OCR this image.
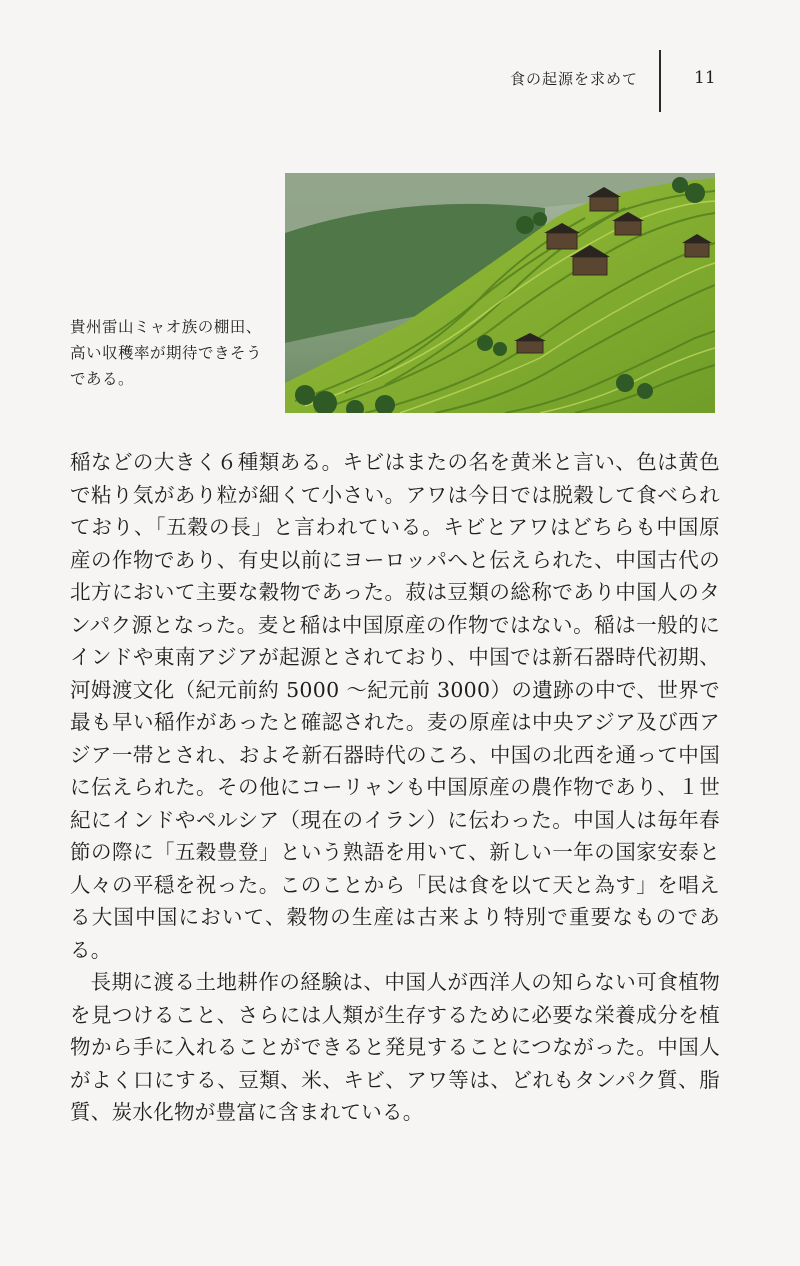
食の起源を求めて	11
貴州雷山ミャオ族の棚田、高い収穫率が期待できそうである。

稲などの大きく６種類ある。キビはまたの名を黄米と言い、色は黄色で粘り気があり粒が細くて小さい。アワは今日では脱穀して食べられており、「五穀の長」と言われている。キビとアワはどちらも中国原産の作物であり、有史以前にヨーロッパへと伝えられた、中国古代の北方において主要な穀物であった。菽は豆類の総称であり中国人のタンパク源となった。麦と稲は中国原産の作物ではない。稲は一般的にインドや東南アジアが起源とされており、中国では新石器時代初期、河姆渡文化（紀元前約 5000 〜紀元前 3000）の遺跡の中で、世界で最も早い稲作があったと確認された。麦の原産は中央アジア及び西アジア一帯とされ、およそ新石器時代のころ、中国の北西を通って中国に伝えられた。その他にコーリャンも中国原産の農作物であり、１世紀にインドやペルシア（現在のイラン）に伝わった。中国人は毎年春節の際に「五穀豊登」という熟語を用いて、新しい一年の国家安泰と人々の平穏を祝った。このことから「民は食を以て天と為す」を唱える大国中国において、穀物の生産は古来より特別で重要なものである。

長期に渡る土地耕作の経験は、中国人が西洋人の知らない可食植物を見つけること、さらには人類が生存するために必要な栄養成分を植物から手に入れることができると発見することにつながった。中国人がよく口にする、豆類、米、キビ、アワ等は、どれもタンパク質、脂質、炭水化物が豊富に含まれている。
